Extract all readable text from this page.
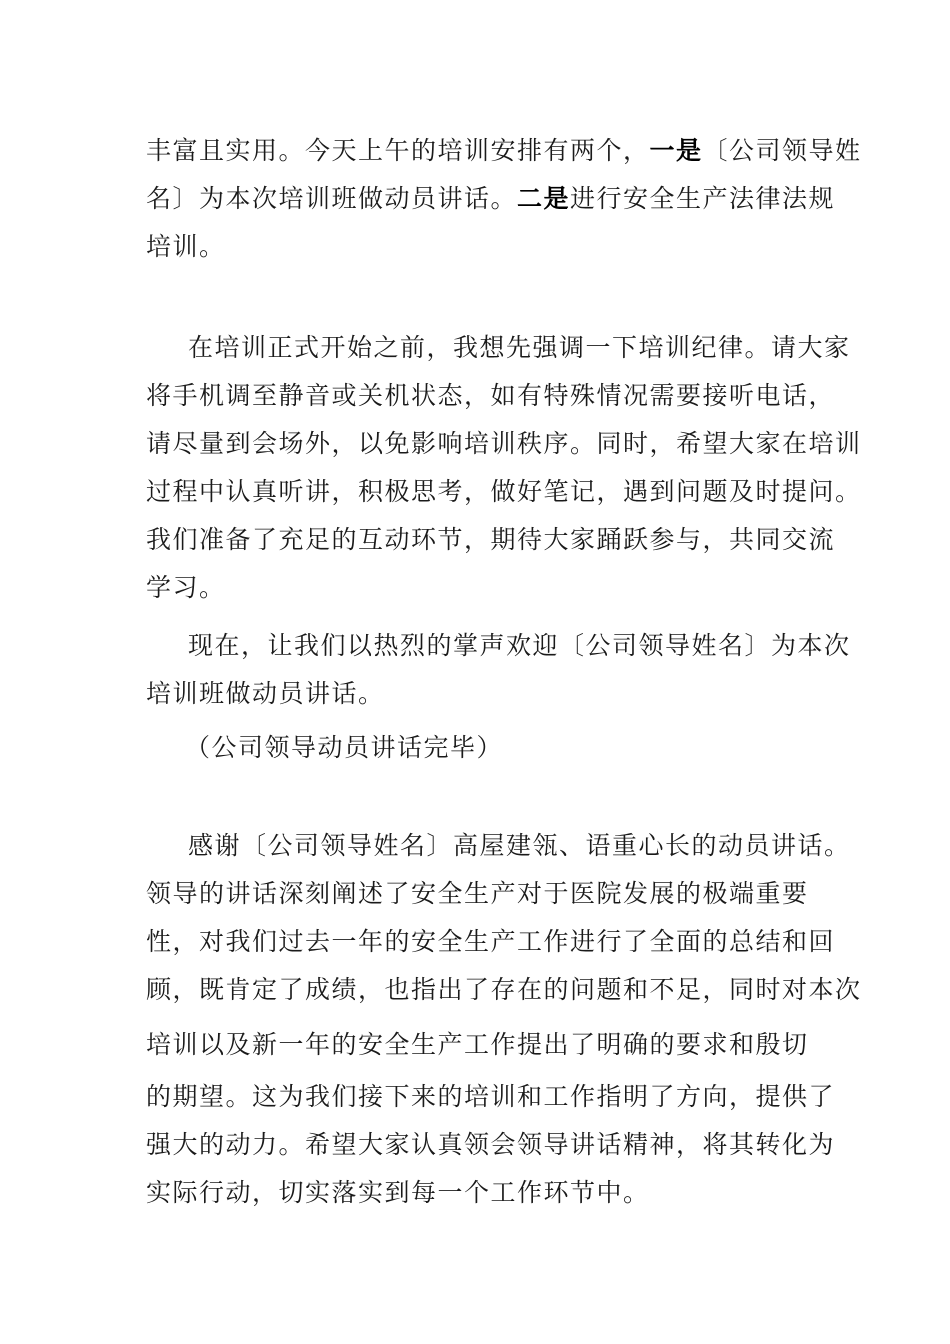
丰富且实用。今天上午的培训安排有两个，一是〔公司领导姓
名〕为本次培训班做动员讲话。二是进行安全生产法律法规
培训。
在培训正式开始之前，我想先强调一下培训纪律。请大家
将手机调至静音或关机状态，如有特殊情况需要接听电话，
请尽量到会场外，以免影响培训秩序。同时，希望大家在培训
过程中认真听讲，积极思考，做好笔记，遇到问题及时提问。
我们准备了充足的互动环节，期待大家踊跃参与，共同交流
学习。
现在，让我们以热烈的掌声欢迎〔公司领导姓名〕为本次
培训班做动员讲话。
（公司领导动员讲话完毕）
感谢〔公司领导姓名〕高屋建瓴、语重心长的动员讲话。
领导的讲话深刻阐述了安全生产对于医院发展的极端重要
性，对我们过去一年的安全生产工作进行了全面的总结和回
顾，既肯定了成绩，也指出了存在的问题和不足，同时对本次
培训以及新一年的安全生产工作提出了明确的要求和殷切
的期望。这为我们接下来的培训和工作指明了方向，提供了
强大的动力。希望大家认真领会领导讲话精神，将其转化为
实际行动，切实落实到每一个工作环节中。
